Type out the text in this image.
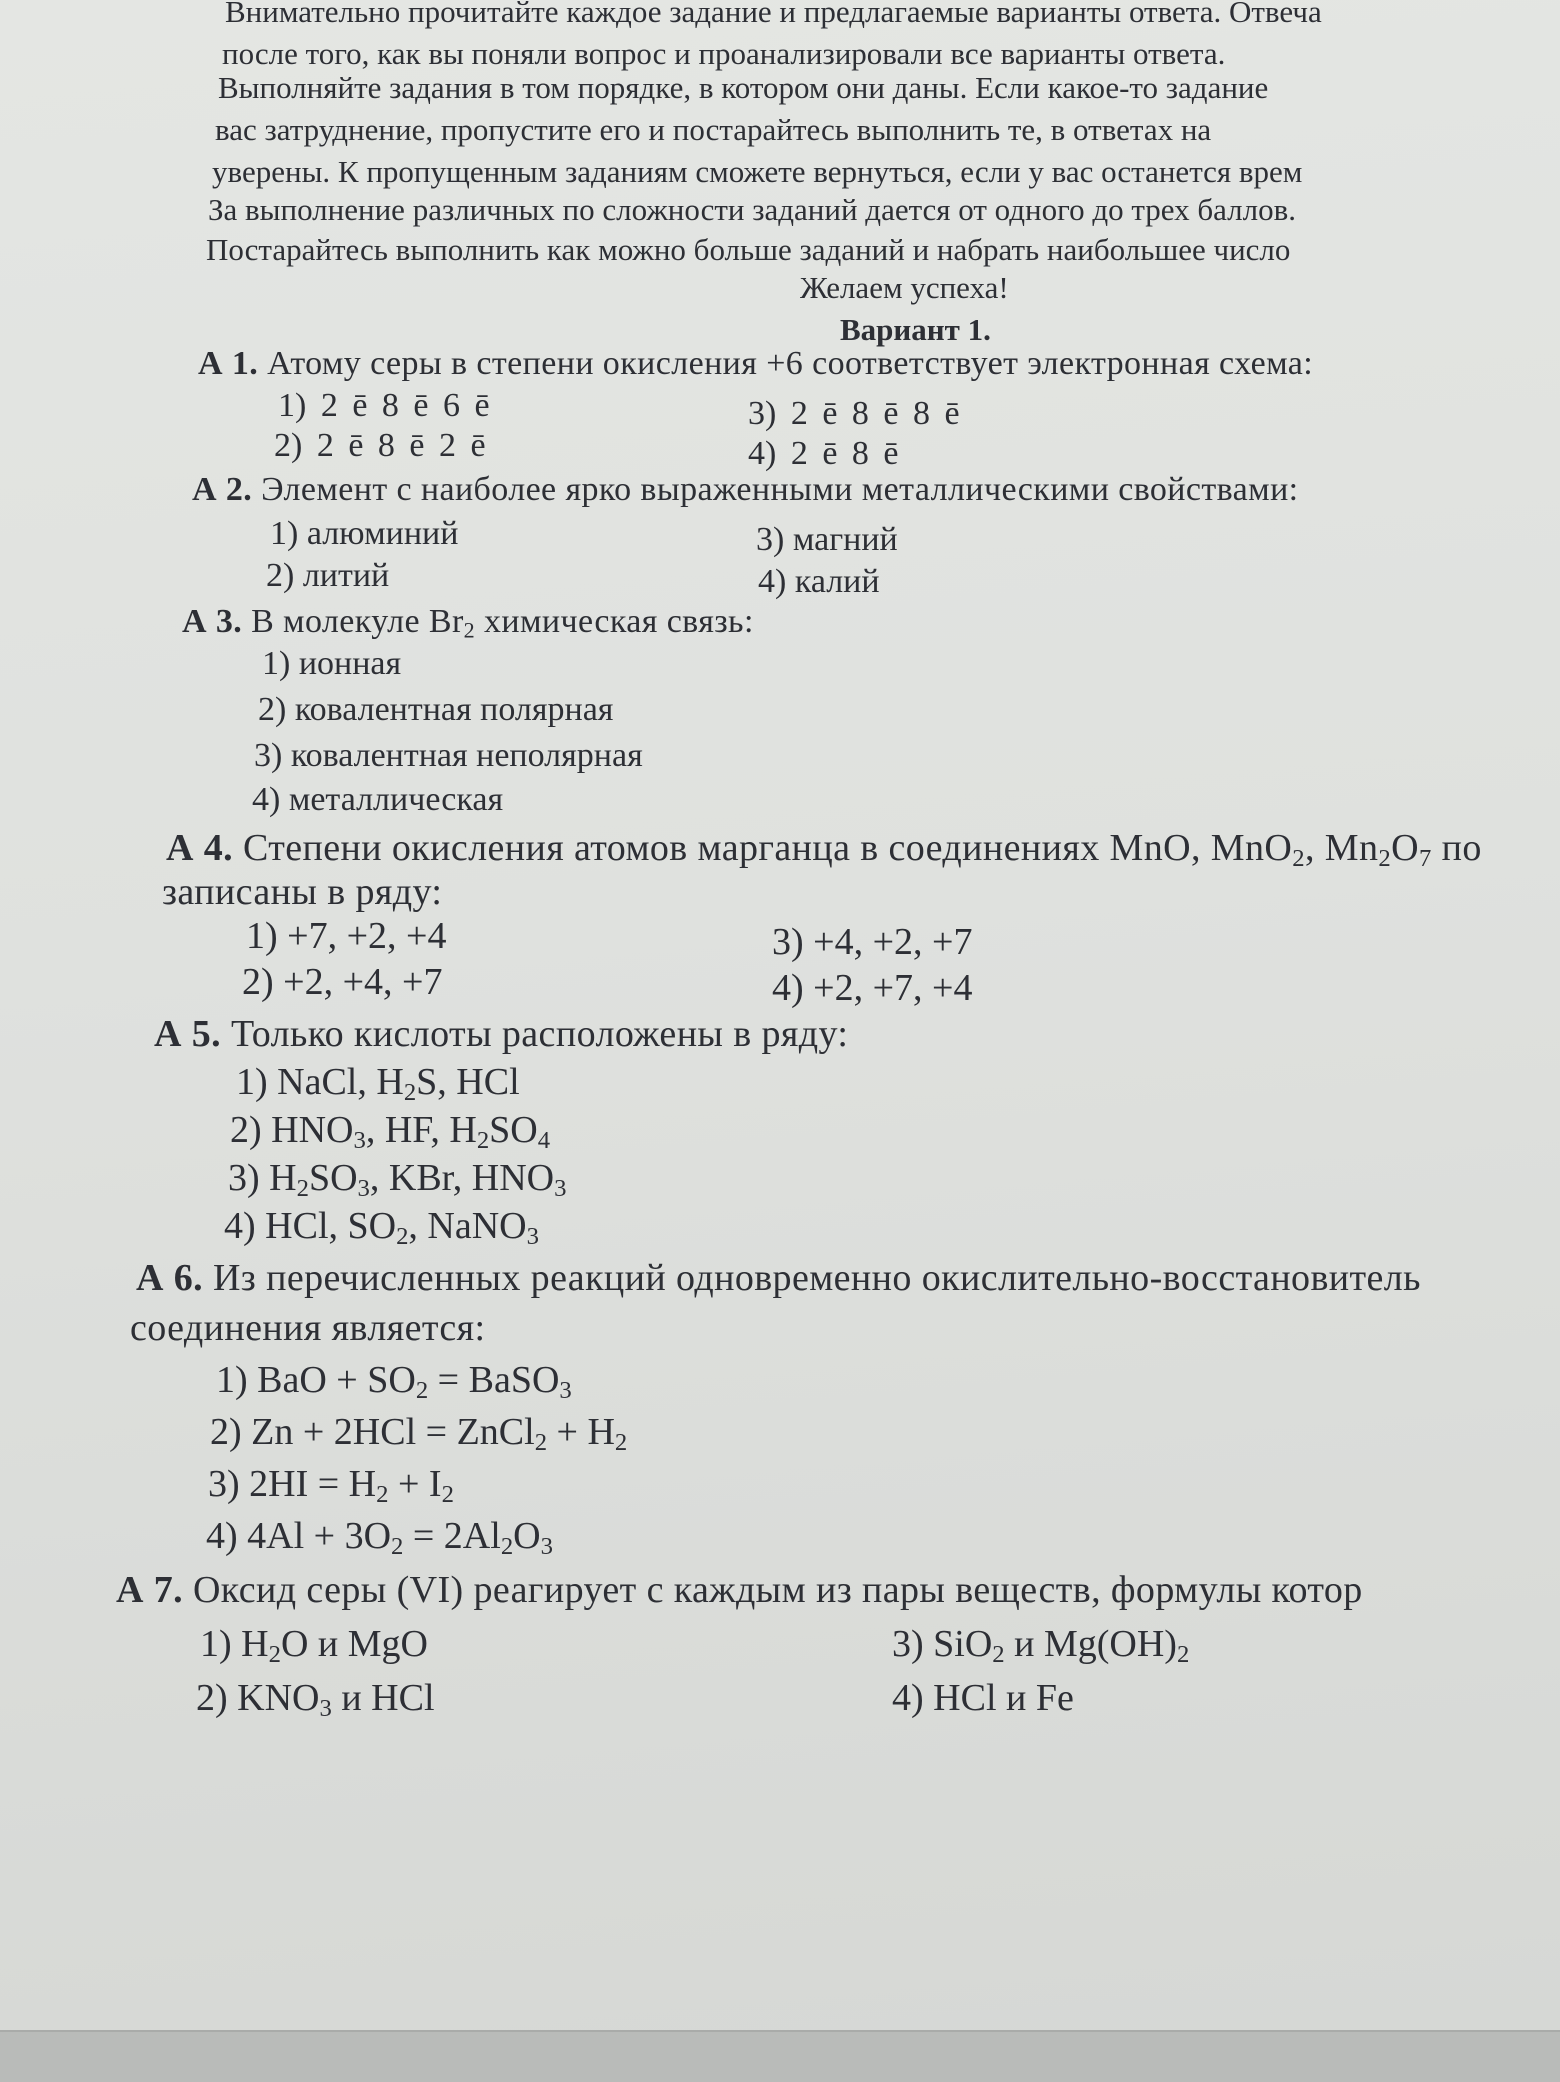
Внимательно прочитайте каждое задание и предлагаемые варианты ответа. Отвеча
после того, как вы поняли вопрос и проанализировали все варианты ответа.
Выполняйте задания в том порядке, в котором они даны. Если какое-то задание
вас затруднение, пропустите его и постарайтесь выполнить те, в ответах на
уверены. К пропущенным заданиям сможете вернуться, если у вас останется врем
За выполнение различных по сложности заданий дается от одного до трех баллов.
Постарайтесь выполнить как можно больше заданий и набрать наибольшее число
Желаем успеха!
Вариант 1.
А 1. Атому серы в степени окисления +6 соответствует электронная схема:
1) 2 ē 8 ē 6 ē
2) 2 ē 8 ē 2 ē
3) 2 ē 8 ē 8 ē
4) 2 ē 8 ē
А 2. Элемент с наиболее ярко выраженными металлическими свойствами:
1) алюминий
2) литий
3) магний
4) калий
А 3. В молекуле $Br_2$ химическая связь:
1) ионная
2) ковалентная полярная
3) ковалентная неполярная
4) металлическая
А 4. Степени окисления атомов марганца в соединениях MnO, MnO$_2$, $Mn_2O_7$ по
записаны в ряду:
1) +7, +2, +4
2) +2, +4, +7
3) +4, +2, +7
4) +2, +7, +4
А 5. Только кислоты расположены в ряду:
1) NaCl, $H_2S$, HCl
2) $HNO_3$, HF, $H_2SO_4$
3) $H_2SO_3$, KBr, $HNO_3$
4) HCl, $SO_2$, NaNO$_3$
А 6. Из перечисленных реакций одновременно окислительно-восстановитель
соединения является:
1) BaO + $SO_2$ = BaSO$_3$
2) Zn + 2HCl = ZnCl$_2$ + $H_2$
3) $2HI = H_2 + I_2$
4) $4Al + 3O_2 = 2Al_2O_3$
А 7. Оксид серы (VI) реагирует с каждым из пары веществ, формулы котор
1) $H_2O$ и MgO
2) $KNO_3$ и HCl
3) SiO$_2$ и $Mg(OH)_2$
4) HCl и Fe
